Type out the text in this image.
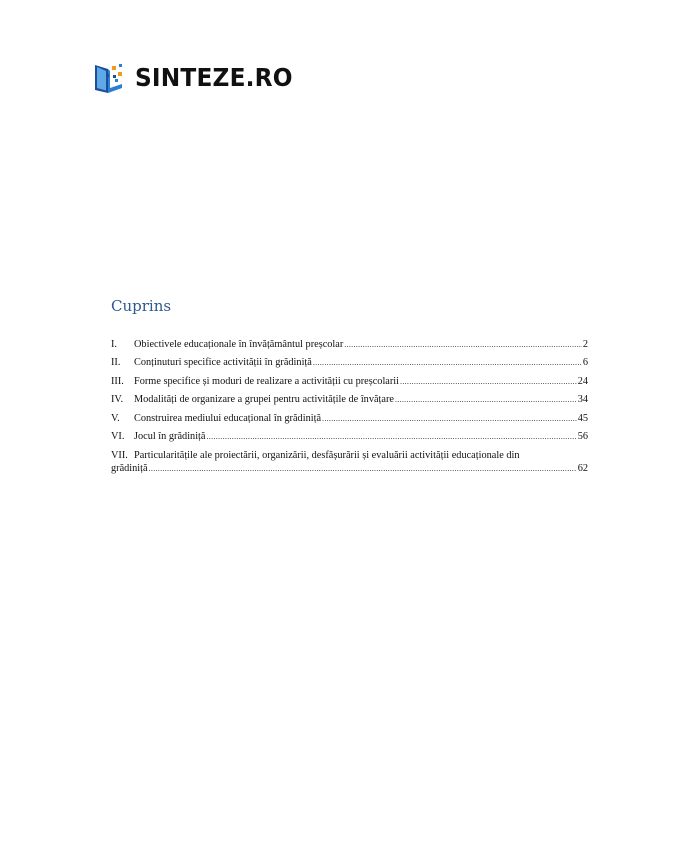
SINTEZE.RO
Cuprins
I.	Obiectivele educaționale în învățământul preșcolar .....	2
II.	Conținuturi specifice activității în grădiniță .....	6
III. Forme specifice și moduri de realizare a activității cu preșcolarii .....	24
IV.	Modalități de organizare a grupei pentru activitățile de învățare .....	34
V.	Construirea mediului educațional în grădiniță .....	45
VI. Jocul în grădiniță .....	56
VII. Particularitățile ale proiectării, organizării, desfășurării și evaluării activității educaționale din
grădiniță .....	62
